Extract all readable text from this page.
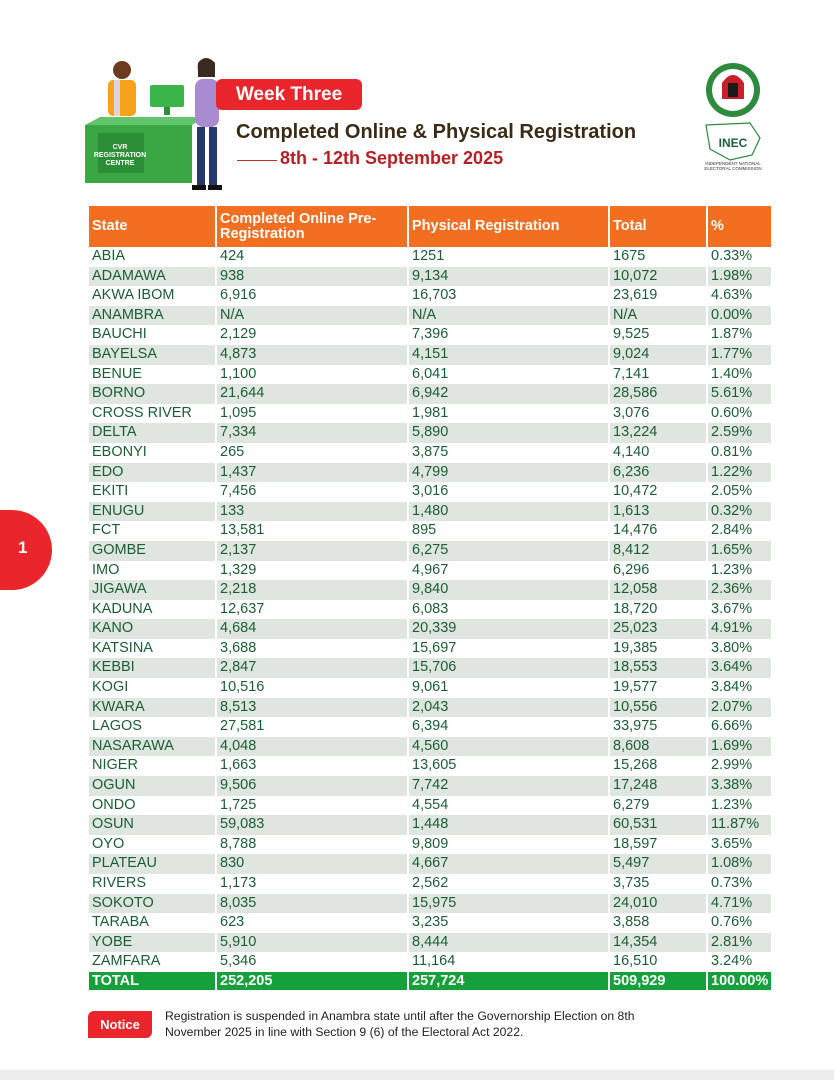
CVR
REGISTRATION
CENTRE
Week Three
Completed Online & Physical Registration
8th - 12th September 2025
INEC
INDEPENDENT NATIONAL
ELECTORAL COMMISSION
1
State	Completed Online Pre-Registration	Physical Registration	Total	%
ABIA	424	1251	1675	0.33%
ADAMAWA	938	9,134	10,072	1.98%
AKWA IBOM	6,916	16,703	23,619	4.63%
ANAMBRA	N/A	N/A	N/A	0.00%
BAUCHI	2,129	7,396	9,525	1.87%
BAYELSA	4,873	4,151	9,024	1.77%
BENUE	1,100	6,041	7,141	1.40%
BORNO	21,644	6,942	28,586	5.61%
CROSS RIVER	1,095	1,981	3,076	0.60%
DELTA	7,334	5,890	13,224	2.59%
EBONYI	265	3,875	4,140	0.81%
EDO	1,437	4,799	6,236	1.22%
EKITI	7,456	3,016	10,472	2.05%
ENUGU	133	1,480	1,613	0.32%
FCT	13,581	895	14,476	2.84%
GOMBE	2,137	6,275	8,412	1.65%
IMO	1,329	4,967	6,296	1.23%
JIGAWA	2,218	9,840	12,058	2.36%
KADUNA	12,637	6,083	18,720	3.67%
KANO	4,684	20,339	25,023	4.91%
KATSINA	3,688	15,697	19,385	3.80%
KEBBI	2,847	15,706	18,553	3.64%
KOGI	10,516	9,061	19,577	3.84%
KWARA	8,513	2,043	10,556	2.07%
LAGOS	27,581	6,394	33,975	6.66%
NASARAWA	4,048	4,560	8,608	1.69%
NIGER	1,663	13,605	15,268	2.99%
OGUN	9,506	7,742	17,248	3.38%
ONDO	1,725	4,554	6,279	1.23%
OSUN	59,083	1,448	60,531	11.87%
OYO	8,788	9,809	18,597	3.65%
PLATEAU	830	4,667	5,497	1.08%
RIVERS	1,173	2,562	3,735	0.73%
SOKOTO	8,035	15,975	24,010	4.71%
TARABA	623	3,235	3,858	0.76%
YOBE	5,910	8,444	14,354	2.81%
ZAMFARA	5,346	11,164	16,510	3.24%
TOTAL	252,205	257,724	509,929	100.00%
Notice
Registration is suspended in Anambra state until after the Governorship Election on 8th November 2025 in line with Section 9 (6) of the Electoral Act 2022.
